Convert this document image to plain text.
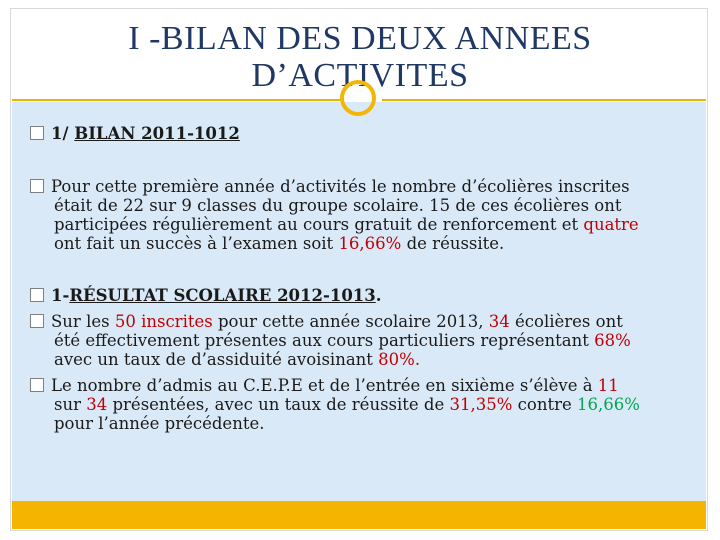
I -BILAN DES DEUX ANNEES
D’ACTIVITES
1/ BILAN 2011-1012
Pour cette première année d’activités le nombre d’écolières inscrites
était de 22 sur 9 classes du groupe scolaire. 15 de ces écolières ont
participées régulièrement au cours gratuit de renforcement et quatre
ont fait un succès à l’examen soit 16,66% de réussite.
1-RÉSULTAT SCOLAIRE 2012-1013.
Sur les 50 inscrites pour cette année scolaire 2013, 34 écolières ont
été effectivement présentes aux cours particuliers représentant 68%
avec un taux de d’assiduité avoisinant 80%.
Le nombre d’admis au C.E.P.E et de l’entrée en sixième s’élève à 11
sur 34 présentées, avec un taux de réussite de 31,35% contre 16,66%
pour l’année précédente.
